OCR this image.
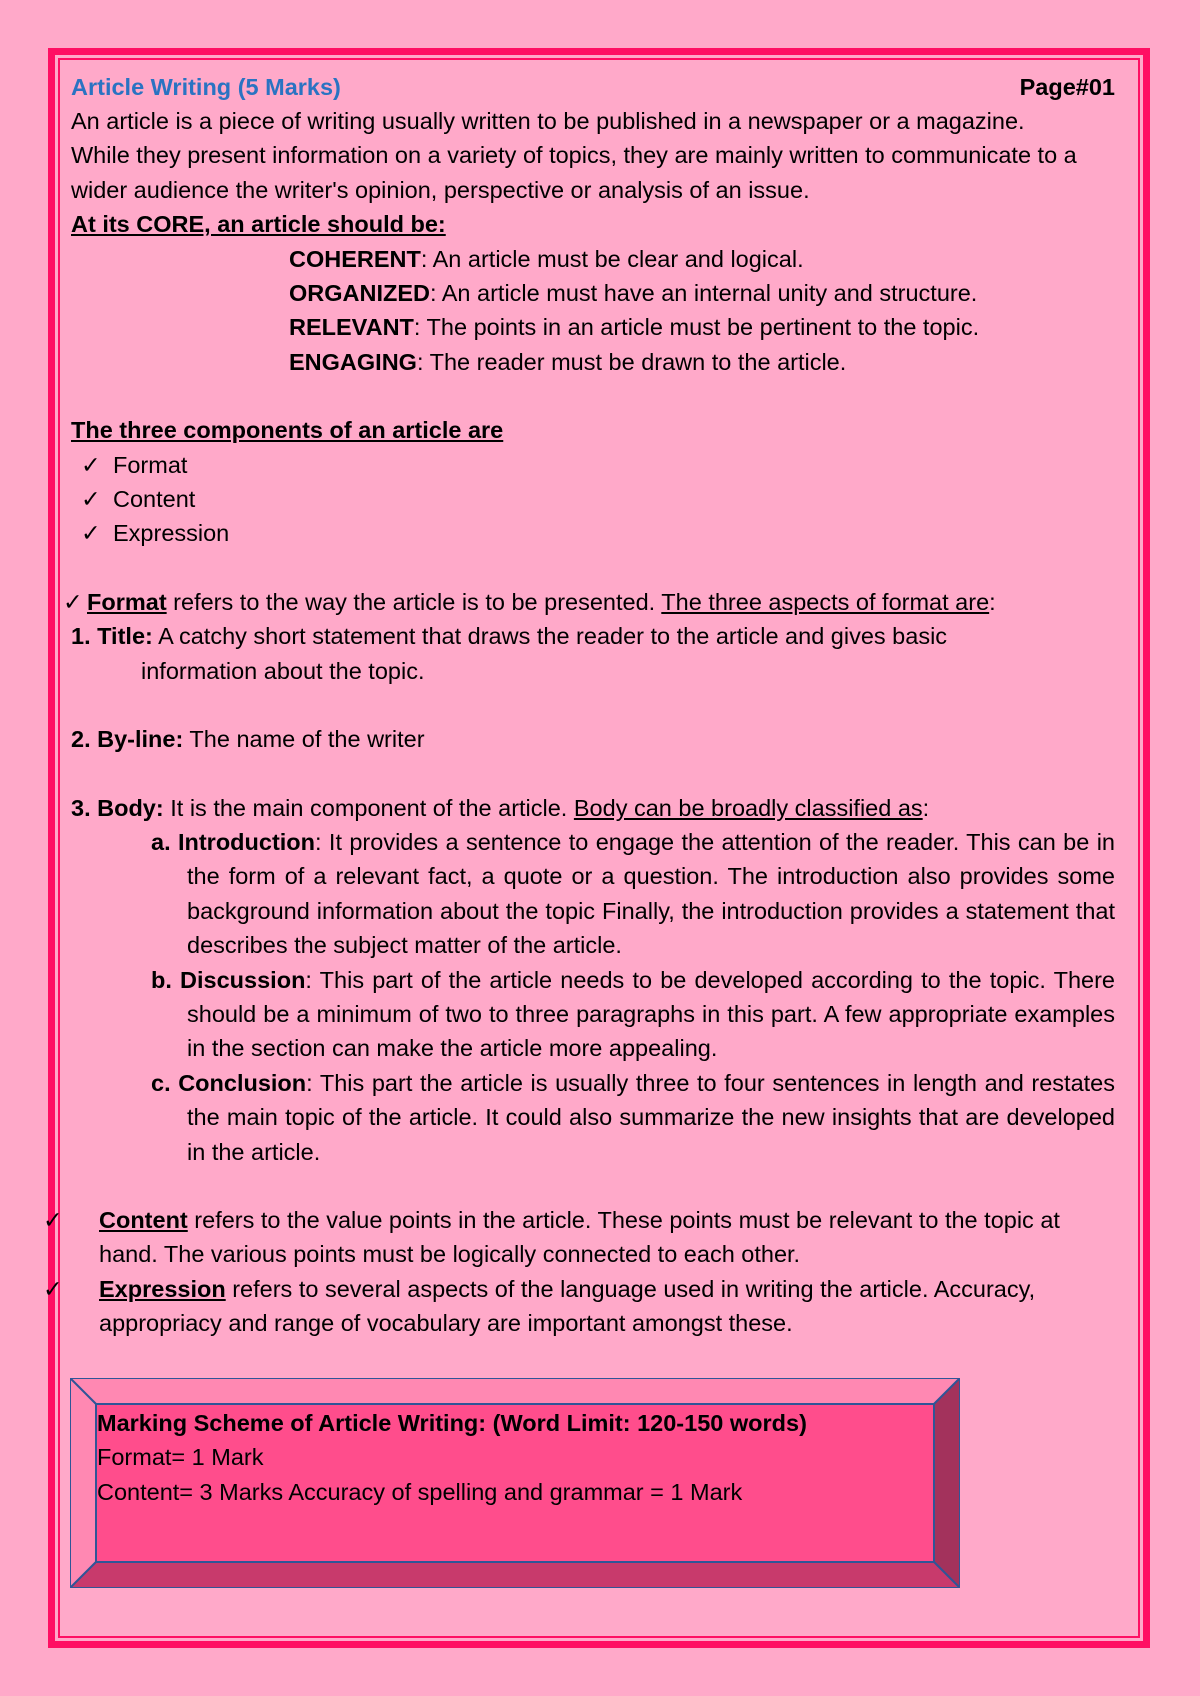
Article Writing (5 Marks)	Page#01

An article is a piece of writing usually written to be published in a newspaper or a magazine.

While they present information on a variety of topics, they are mainly written to communicate to a wider audience the writer's opinion, perspective or analysis of an issue.

At its CORE, an article should be:

COHERENT: An article must be clear and logical.
ORGANIZED: An article must have an internal unity and structure.
RELEVANT: The points in an article must be pertinent to the topic.
ENGAGING: The reader must be drawn to the article.

The three components of an article are

✓ Format
✓ Content
✓ Expression

✓ Format refers to the way the article is to be presented. The three aspects of format are:

1. Title: A catchy short statement that draws the reader to the article and gives basic

information about the topic.

2. By-line: The name of the writer

3. Body: It is the main component of the article. Body can be broadly classified as:

a. Introduction: It provides a sentence to engage the attention of the reader. This can be in the form of a relevant fact, a quote or a question. The introduction also provides some background information about the topic Finally, the introduction provides a statement that describes the subject matter of the article.

b. Discussion: This part of the article needs to be developed according to the topic. There should be a minimum of two to three paragraphs in this part. A few appropriate examples in the section can make the article more appealing.

c. Conclusion: This part the article is usually three to four sentences in length and restates the main topic of the article. It could also summarize the new insights that are developed in the article.

✓ Content refers to the value points in the article. These points must be relevant to the topic at hand. The various points must be logically connected to each other.

✓ Expression refers to several aspects of the language used in writing the article. Accuracy, appropriacy and range of vocabulary are important amongst these.

Marking Scheme of Article Writing: (Word Limit: 120-150 words)
Format= 1 Mark
Content= 3 Marks Accuracy of spelling and grammar = 1 Mark
